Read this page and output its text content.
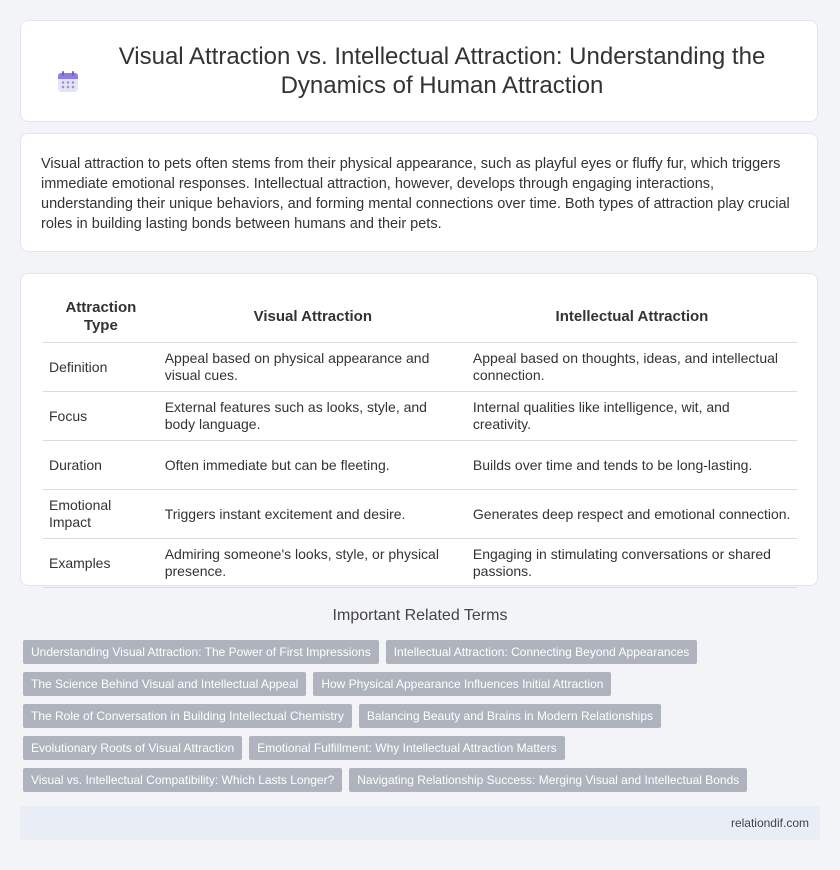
Visual Attraction vs. Intellectual Attraction: Understanding the Dynamics of Human Attraction

Visual attraction to pets often stems from their physical appearance, such as playful eyes or fluffy fur, which triggers immediate emotional responses. Intellectual attraction, however, develops through engaging interactions, understanding their unique behaviors, and forming mental connections over time. Both types of attraction play crucial roles in building lasting bonds between humans and their pets.

Attraction Type	Visual Attraction	Intellectual Attraction
Definition	Appeal based on physical appearance and visual cues.	Appeal based on thoughts, ideas, and intellectual connection.
Focus	External features such as looks, style, and body language.	Internal qualities like intelligence, wit, and creativity.
Duration	Often immediate but can be fleeting.	Builds over time and tends to be long-lasting.
Emotional Impact	Triggers instant excitement and desire.	Generates deep respect and emotional connection.
Examples	Admiring someone's looks, style, or physical presence.	Engaging in stimulating conversations or shared passions.
Important Related Terms
Understanding Visual Attraction: The Power of First Impressions	Intellectual Attraction: Connecting Beyond Appearances
The Science Behind Visual and Intellectual Appeal	How Physical Appearance Influences Initial Attraction
The Role of Conversation in Building Intellectual Chemistry	Balancing Beauty and Brains in Modern Relationships
Evolutionary Roots of Visual Attraction	Emotional Fulfillment: Why Intellectual Attraction Matters
Visual vs. Intellectual Compatibility: Which Lasts Longer?	Navigating Relationship Success: Merging Visual and Intellectual Bonds
relationdif.com
